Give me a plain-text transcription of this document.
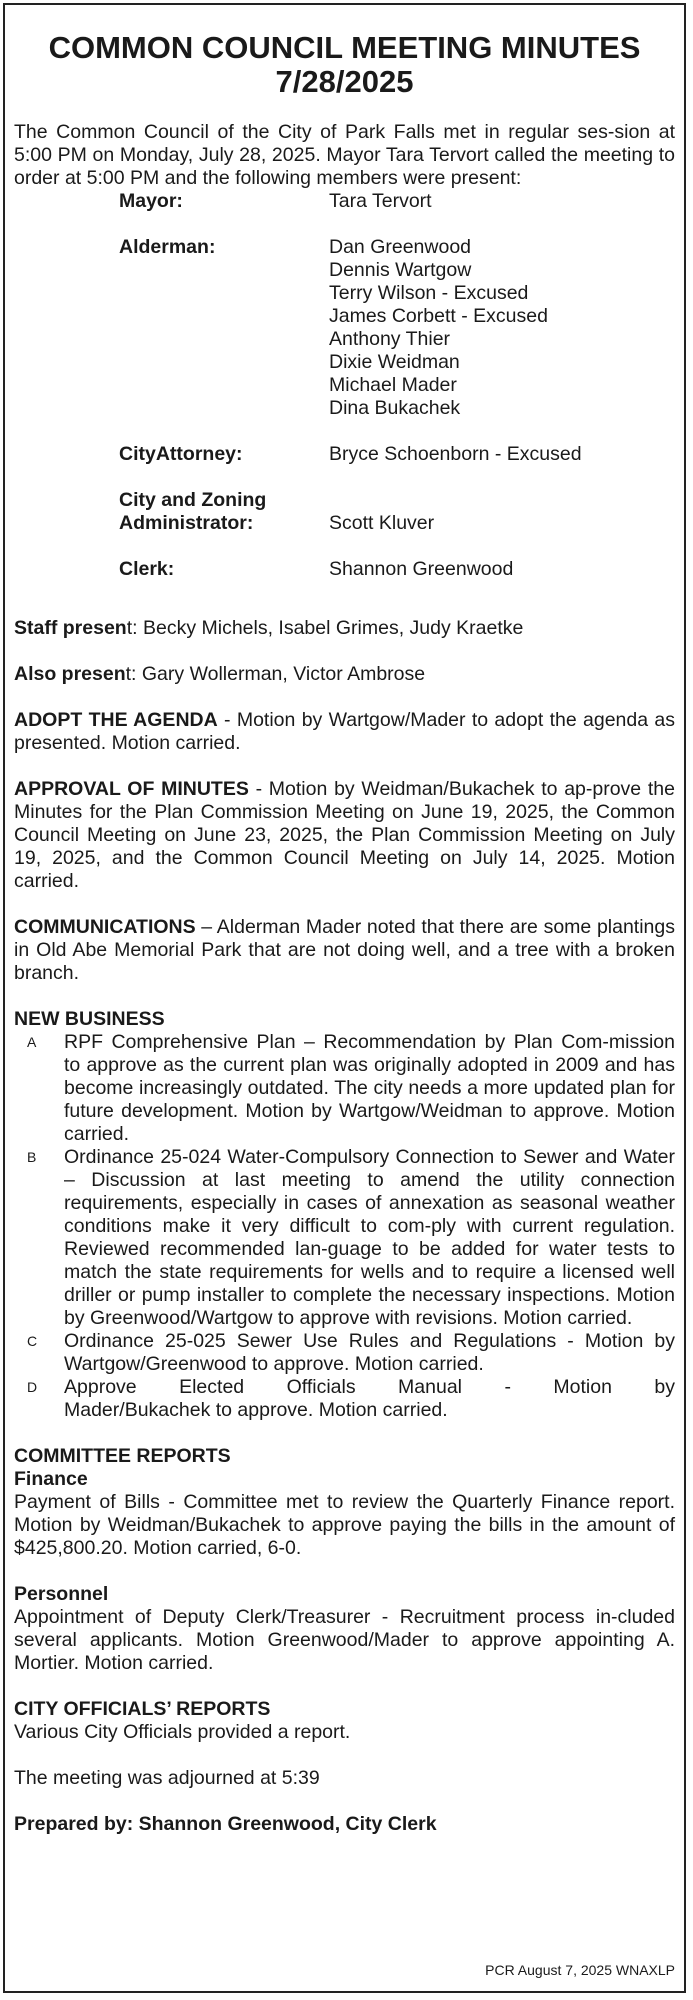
COMMON COUNCIL MEETING MINUTES
7/28/2025

The Common Council of the City of Park Falls met in regular ses-sion at 5:00 PM on Monday, July 28, 2025. Mayor Tara Tervort called the meeting to order at 5:00 PM and the following members were present:

Mayor:	Tara Tervort
Alderman:	Dan Greenwood
Dennis Wartgow
Terry Wilson - Excused
James Corbett - Excused
Anthony Thier
Dixie Weidman
Michael Mader
Dina Bukachek
CityAttorney:	Bryce Schoenborn - Excused
City and Zoning
Administrator:	Scott Kluver
Clerk:	Shannon Greenwood

Staff present: Becky Michels, Isabel Grimes, Judy Kraetke

Also present: Gary Wollerman, Victor Ambrose

ADOPT THE AGENDA - Motion by Wartgow/Mader to adopt the agenda as presented. Motion carried.

APPROVAL OF MINUTES - Motion by Weidman/Bukachek to ap-prove the Minutes for the Plan Commission Meeting on June 19, 2025, the Common Council Meeting on June 23, 2025, the Plan Commission Meeting on July 19, 2025, and the Common Council Meeting on July 14, 2025. Motion carried.

COMMUNICATIONS – Alderman Mader noted that there are some plantings in Old Abe Memorial Park that are not doing well, and a tree with a broken branch.

NEW BUSINESS

A	RPF Comprehensive Plan – Recommendation by Plan Com-mission to approve as the current plan was originally adopted in 2009 and has become increasingly outdated. The city needs a more updated plan for future development. Motion by Wartgow/Weidman to approve. Motion carried.
B	Ordinance 25-024 Water-Compulsory Connection to Sewer and Water – Discussion at last meeting to amend the utility connection requirements, especially in cases of annexation as seasonal weather conditions make it very difficult to com-ply with current regulation. Reviewed recommended lan-guage to be added for water tests to match the state requirements for wells and to require a licensed well driller or pump installer to complete the necessary inspections. Motion by Greenwood/Wartgow to approve with revisions. Motion carried.
C	Ordinance 25-025 Sewer Use Rules and Regulations - Motion by Wartgow/Greenwood to approve. Motion carried.
D	Approve Elected Officials Manual - Motion by
Mader/Bukachek to approve. Motion carried.

COMMITTEE REPORTS

Finance

Payment of Bills - Committee met to review the Quarterly Finance report. Motion by Weidman/Bukachek to approve paying the bills in the amount of $425,800.20. Motion carried, 6-0.

Personnel

Appointment of Deputy Clerk/Treasurer - Recruitment process in-cluded several applicants. Motion Greenwood/Mader to approve appointing A. Mortier. Motion carried.

CITY OFFICIALS’ REPORTS

Various City Officials provided a report.

The meeting was adjourned at 5:39

Prepared by: Shannon Greenwood, City Clerk

PCR August 7, 2025 WNAXLP
